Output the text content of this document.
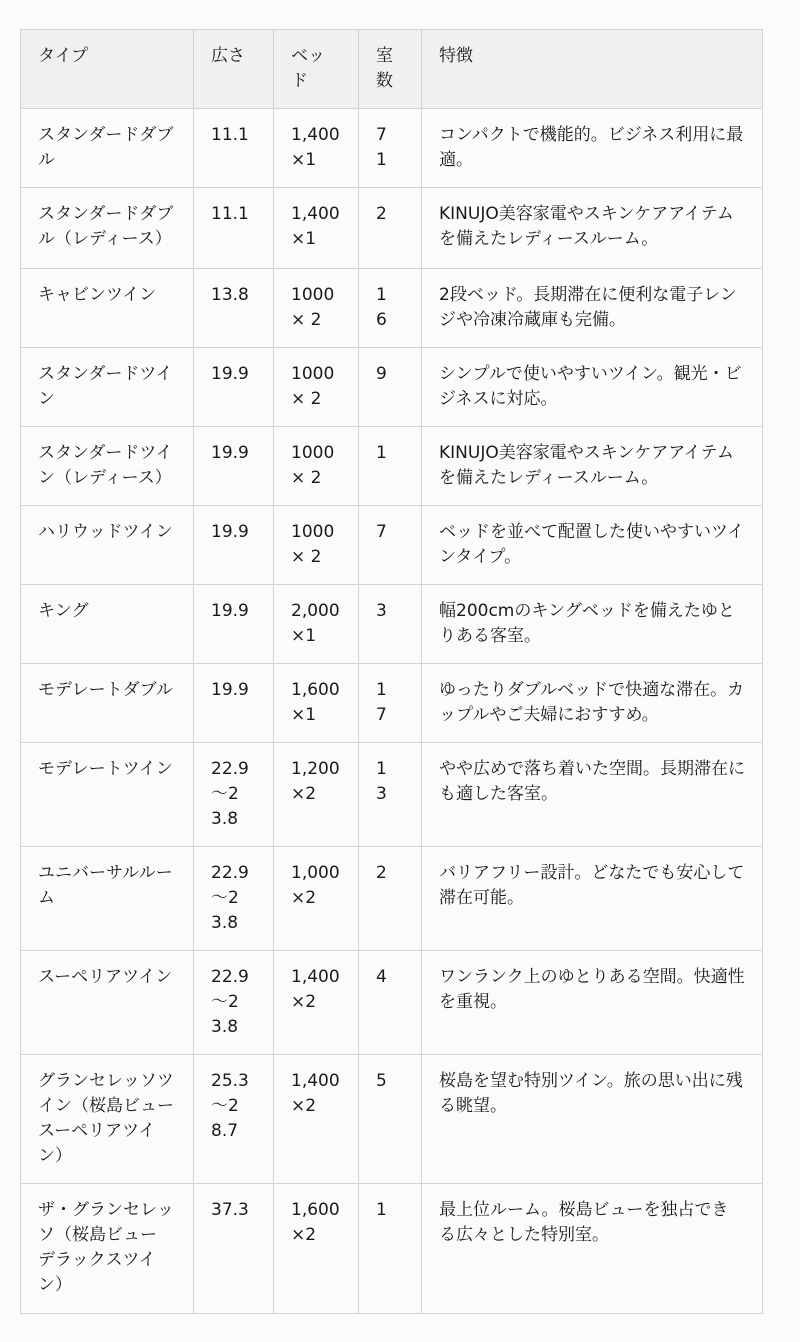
タイプ	広さ	ベッド	室数	特徴

スタンダードダブル	11.1	1,400×1	71	コンパクトで機能的。ビジネス利用に最適。

スタンダードダブル（レディース）	11.1	1,400×1	2	KINUJO美容家電やスキンケアアイテムを備えたレディースルーム。

キャビンツイン	13.8	1000 × 2	16	2段ベッド。長期滞在に便利な電子レンジや冷凍冷蔵庫も完備。

スタンダードツイン	19.9	1000 × 2	9	シンプルで使いやすいツイン。観光・ビジネスに対応。

スタンダードツイン（レディース）	19.9	1000 × 2	1	KINUJO美容家電やスキンケアアイテムを備えたレディースルーム。

ハリウッドツイン	19.9	1000 × 2	7	ベッドを並べて配置した使いやすいツインタイプ。

キング	19.9	2,000×1	3	幅200cmのキングベッドを備えたゆとりある客室。

モデレートダブル	19.9	1,600×1	17	ゆったりダブルベッドで快適な滞在。カップルやご夫婦におすすめ。

モデレートツイン	22.9～23.8	1,200×2	13	やや広めで落ち着いた空間。長期滞在にも適した客室。

ユニバーサルルーム	22.9～23.8	1,000×2	2	バリアフリー設計。どなたでも安心して滞在可能。

スーペリアツイン	22.9～23.8	1,400×2	4	ワンランク上のゆとりある空間。快適性を重視。

グランセレッソツイン（桜島ビュー　スーペリアツイン）	25.3～28.7	1,400×2	5	桜島を望む特別ツイン。旅の思い出に残る眺望。

ザ・グランセレッソ（桜島ビュー　デラックスツイン）	37.3	1,600×2	1	最上位ルーム。桜島ビューを独占できる広々とした特別室。
